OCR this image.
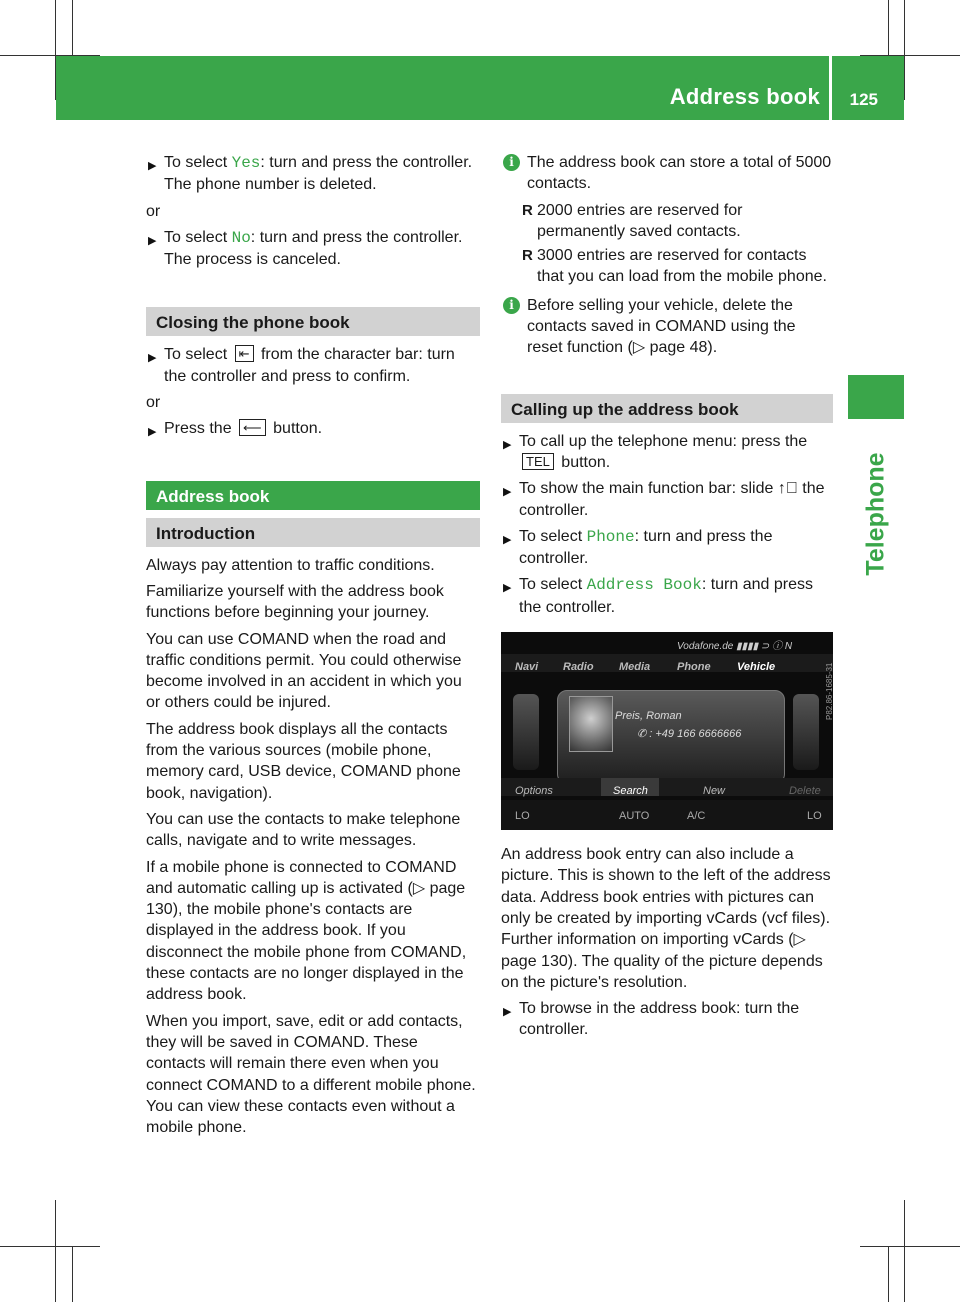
Address book 125
Telephone
▶ To select Yes: turn and press the controller. The phone number is deleted.

or

▶ To select No: turn and press the controller. The process is canceled.
Closing the phone book
▶ To select ⇤ from the character bar: turn the controller and press to confirm.

or

▶ Press the ⟵ button.
Address book
Introduction

Always pay attention to traffic conditions.

Familiarize yourself with the address book functions before beginning your journey.

You can use COMAND when the road and traffic conditions permit. You could otherwise become involved in an accident in which you or others could be injured.

The address book displays all the contacts from the various sources (mobile phone, memory card, USB device, COMAND phone book, navigation).

You can use the contacts to make telephone calls, navigate and to write messages.

If a mobile phone is connected to COMAND and automatic calling up is activated (▷ page 130), the mobile phone's contacts are displayed in the address book. If you disconnect the mobile phone from COMAND, these contacts are no longer displayed in the address book.

When you import, save, edit or add contacts, they will be saved in COMAND. These contacts will remain there even when you connect COMAND to a different mobile phone. You can view these contacts even without a mobile phone.

i The address book can store a total of 5000 contacts.
R 2000 entries are reserved for permanently saved contacts.
R 3000 entries are reserved for contacts that you can load from the mobile phone.
i Before selling your vehicle, delete the contacts saved in COMAND using the reset function (▷ page 48).
Calling up the address book
▶ To call up the telephone menu: press the TEL button.
▶ To show the main function bar: slide ↑⃝ the controller.
▶ To select Phone: turn and press the controller.
▶ To select Address Book: turn and press the controller.
Vodafone.de ▮▮▮▮ ⊃ ⓘ N
Navi Radio Media Phone Vehicle
Preis, Roman
✆ : +49 166 6666666
Options	Search	New	Delete
LO	AUTO	A/C	LO
P82.86-1685-31

An address book entry can also include a picture. This is shown to the left of the address data. Address book entries with pictures can only be created by importing vCards (vcf files). Further information on importing vCards (▷ page 130). The quality of the picture depends on the picture's resolution.

▶ To browse in the address book: turn the controller.
